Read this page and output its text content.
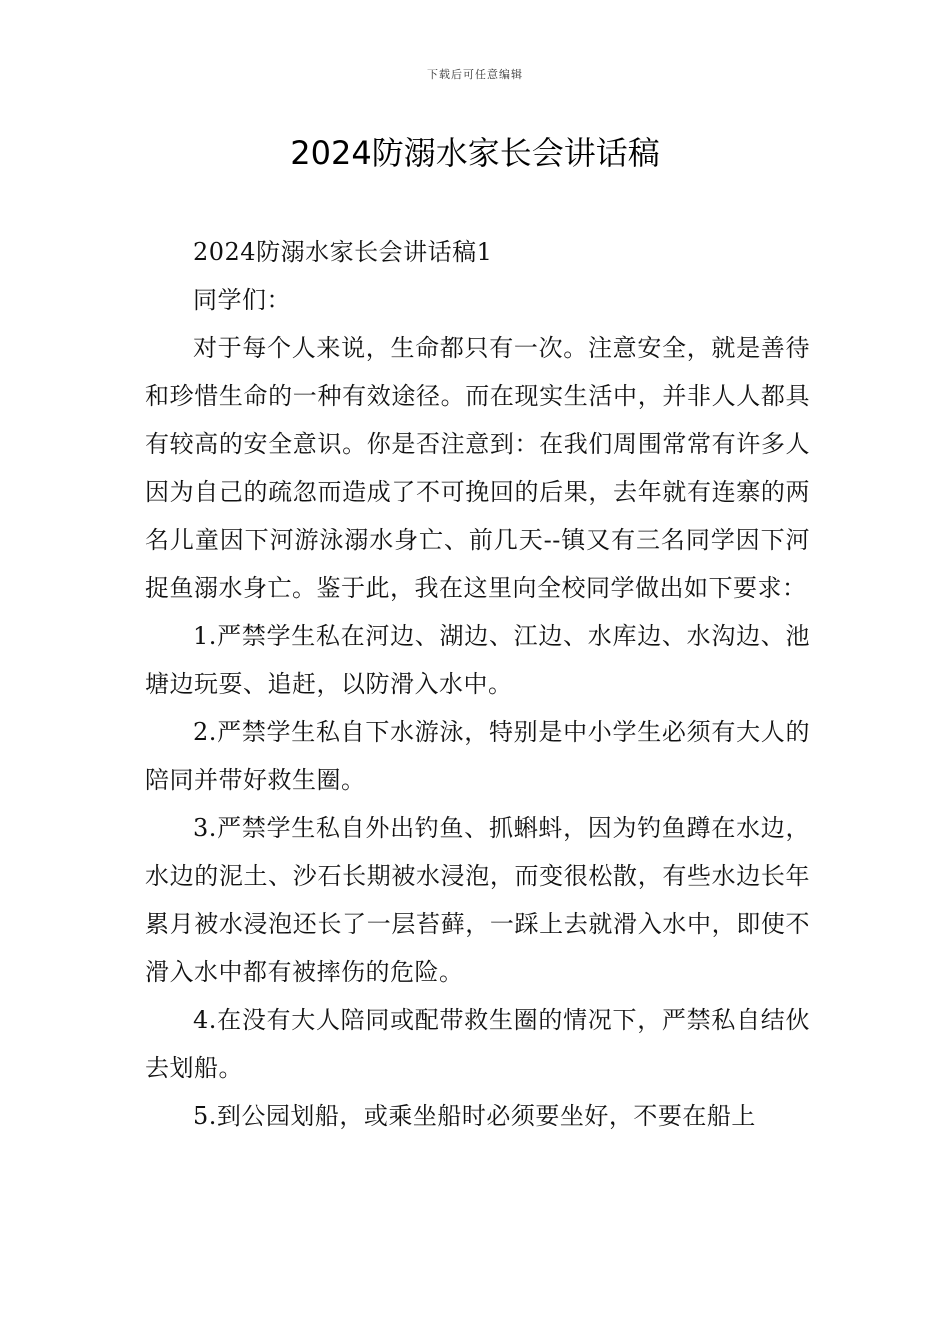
下载后可任意编辑
2024防溺水家长会讲话稿

2024防溺水家长会讲话稿1

同学们：

对于每个人来说，生命都只有一次。注意安全，就是善待和珍惜生命的一种有效途径。而在现实生活中，并非人人都具有较高的安全意识。你是否注意到：在我们周围常常有许多人因为自己的疏忽而造成了不可挽回的后果，去年就有连寨的两名儿童因下河游泳溺水身亡、前几天--镇又有三名同学因下河捉鱼溺水身亡。鉴于此，我在这里向全校同学做出如下要求：

1.严禁学生私在河边、湖边、江边、水库边、水沟边、池塘边玩耍、追赶，以防滑入水中。

2.严禁学生私自下水游泳，特别是中小学生必须有大人的陪同并带好救生圈。

3.严禁学生私自外出钓鱼、抓蝌蚪，因为钓鱼蹲在水边，水边的泥土、沙石长期被水浸泡，而变很松散，有些水边长年累月被水浸泡还长了一层苔藓，一踩上去就滑入水中，即使不滑入水中都有被摔伤的危险。

4.在没有大人陪同或配带救生圈的情况下，严禁私自结伙去划船。

5.到公园划船，或乘坐船时必须要坐好，不要在船上
